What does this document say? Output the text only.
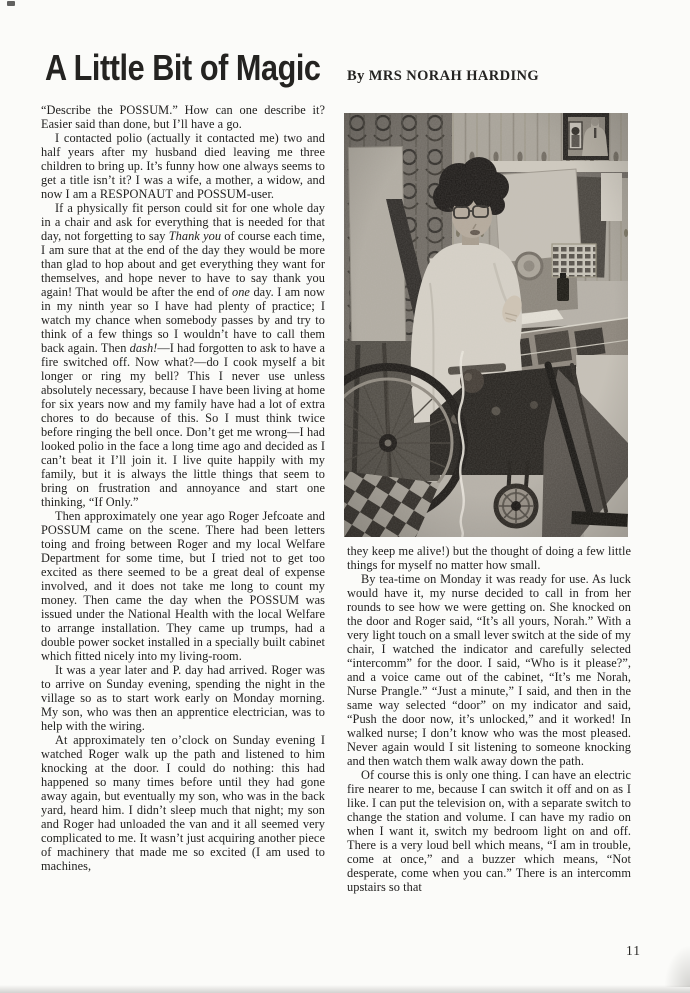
A Little Bit of Magic By MRS NORAH HARDING

“Describe the POSSUM.” How can one describe it? Easier said than done, but I’ll have a go.

I contacted polio (actually it contacted me) two and half years after my husband died leaving me three children to bring up. It’s funny how one always seems to get a title isn’t it? I was a wife, a mother, a widow, and now I am a RESPONAUT and POSSUM-user.

If a physically fit person could sit for one whole day in a chair and ask for everything that is needed for that day, not forgetting to say Thank you of course each time, I am sure that at the end of the day they would be more than glad to hop about and get everything they want for themselves, and hope never to have to say thank you again! That would be after the end of one day. I am now in my ninth year so I have had plenty of practice; I watch my chance when somebody passes by and try to think of a few things so I wouldn’t have to call them back again. Then dash!—I had forgotten to ask to have a fire switched off. Now what?—do I cook myself a bit longer or ring my bell? This I never use unless absolutely necessary, because I have been living at home for six years now and my family have had a lot of extra chores to do because of this. So I must think twice before ringing the bell once. Don’t get me wrong—I had looked polio in the face a long time ago and decided as I can’t beat it I’ll join it. I live quite happily with my family, but it is always the little things that seem to bring on frustration and annoyance and start one thinking, “If Only.”

Then approximately one year ago Roger Jefcoate and POSSUM came on the scene. There had been letters toing and froing between Roger and my local Welfare Department for some time, but I tried not to get too excited as there seemed to be a great deal of expense involved, and it does not take me long to count my money. Then came the day when the POSSUM was issued under the National Health with the local Welfare to arrange installation. They came up trumps, had a double power socket installed in a specially built cabinet which fitted nicely into my living-room.

It was a year later and P. day had arrived. Roger was to arrive on Sunday evening, spending the night in the village so as to start work early on Monday morning. My son, who was then an apprentice electrician, was to help with the wiring.

At approximately ten o’clock on Sunday evening I watched Roger walk up the path and listened to him knocking at the door. I could do nothing: this had happened so many times before until they had gone away again, but eventually my son, who was in the back yard, heard him. I didn’t sleep much that night; my son and Roger had unloaded the van and it all seemed very complicated to me. It wasn’t just acquiring another piece of machinery that made me so excited (I am used to machines,

they keep me alive!) but the thought of doing a few little things for myself no matter how small.

By tea-time on Monday it was ready for use. As luck would have it, my nurse decided to call in from her rounds to see how we were getting on. She knocked on the door and Roger said, “It’s all yours, Norah.” With a very light touch on a small lever switch at the side of my chair, I watched the indicator and carefully selected “intercomm” for the door. I said, “Who is it please?”, and a voice came out of the cabinet, “It’s me Norah, Nurse Prangle.” “Just a minute,” I said, and then in the same way selected “door” on my indicator and said, “Push the door now, it’s unlocked,” and it worked! In walked nurse; I don’t know who was the most pleased. Never again would I sit listening to someone knocking and then watch them walk away down the path.

Of course this is only one thing. I can have an electric fire nearer to me, because I can switch it off and on as I like. I can put the television on, with a separate switch to change the station and volume. I can have my radio on when I want it, switch my bedroom light on and off. There is a very loud bell which means, “I am in trouble, come at once,” and a buzzer which means, “Not desperate, come when you can.” There is an intercomm upstairs so that

11
